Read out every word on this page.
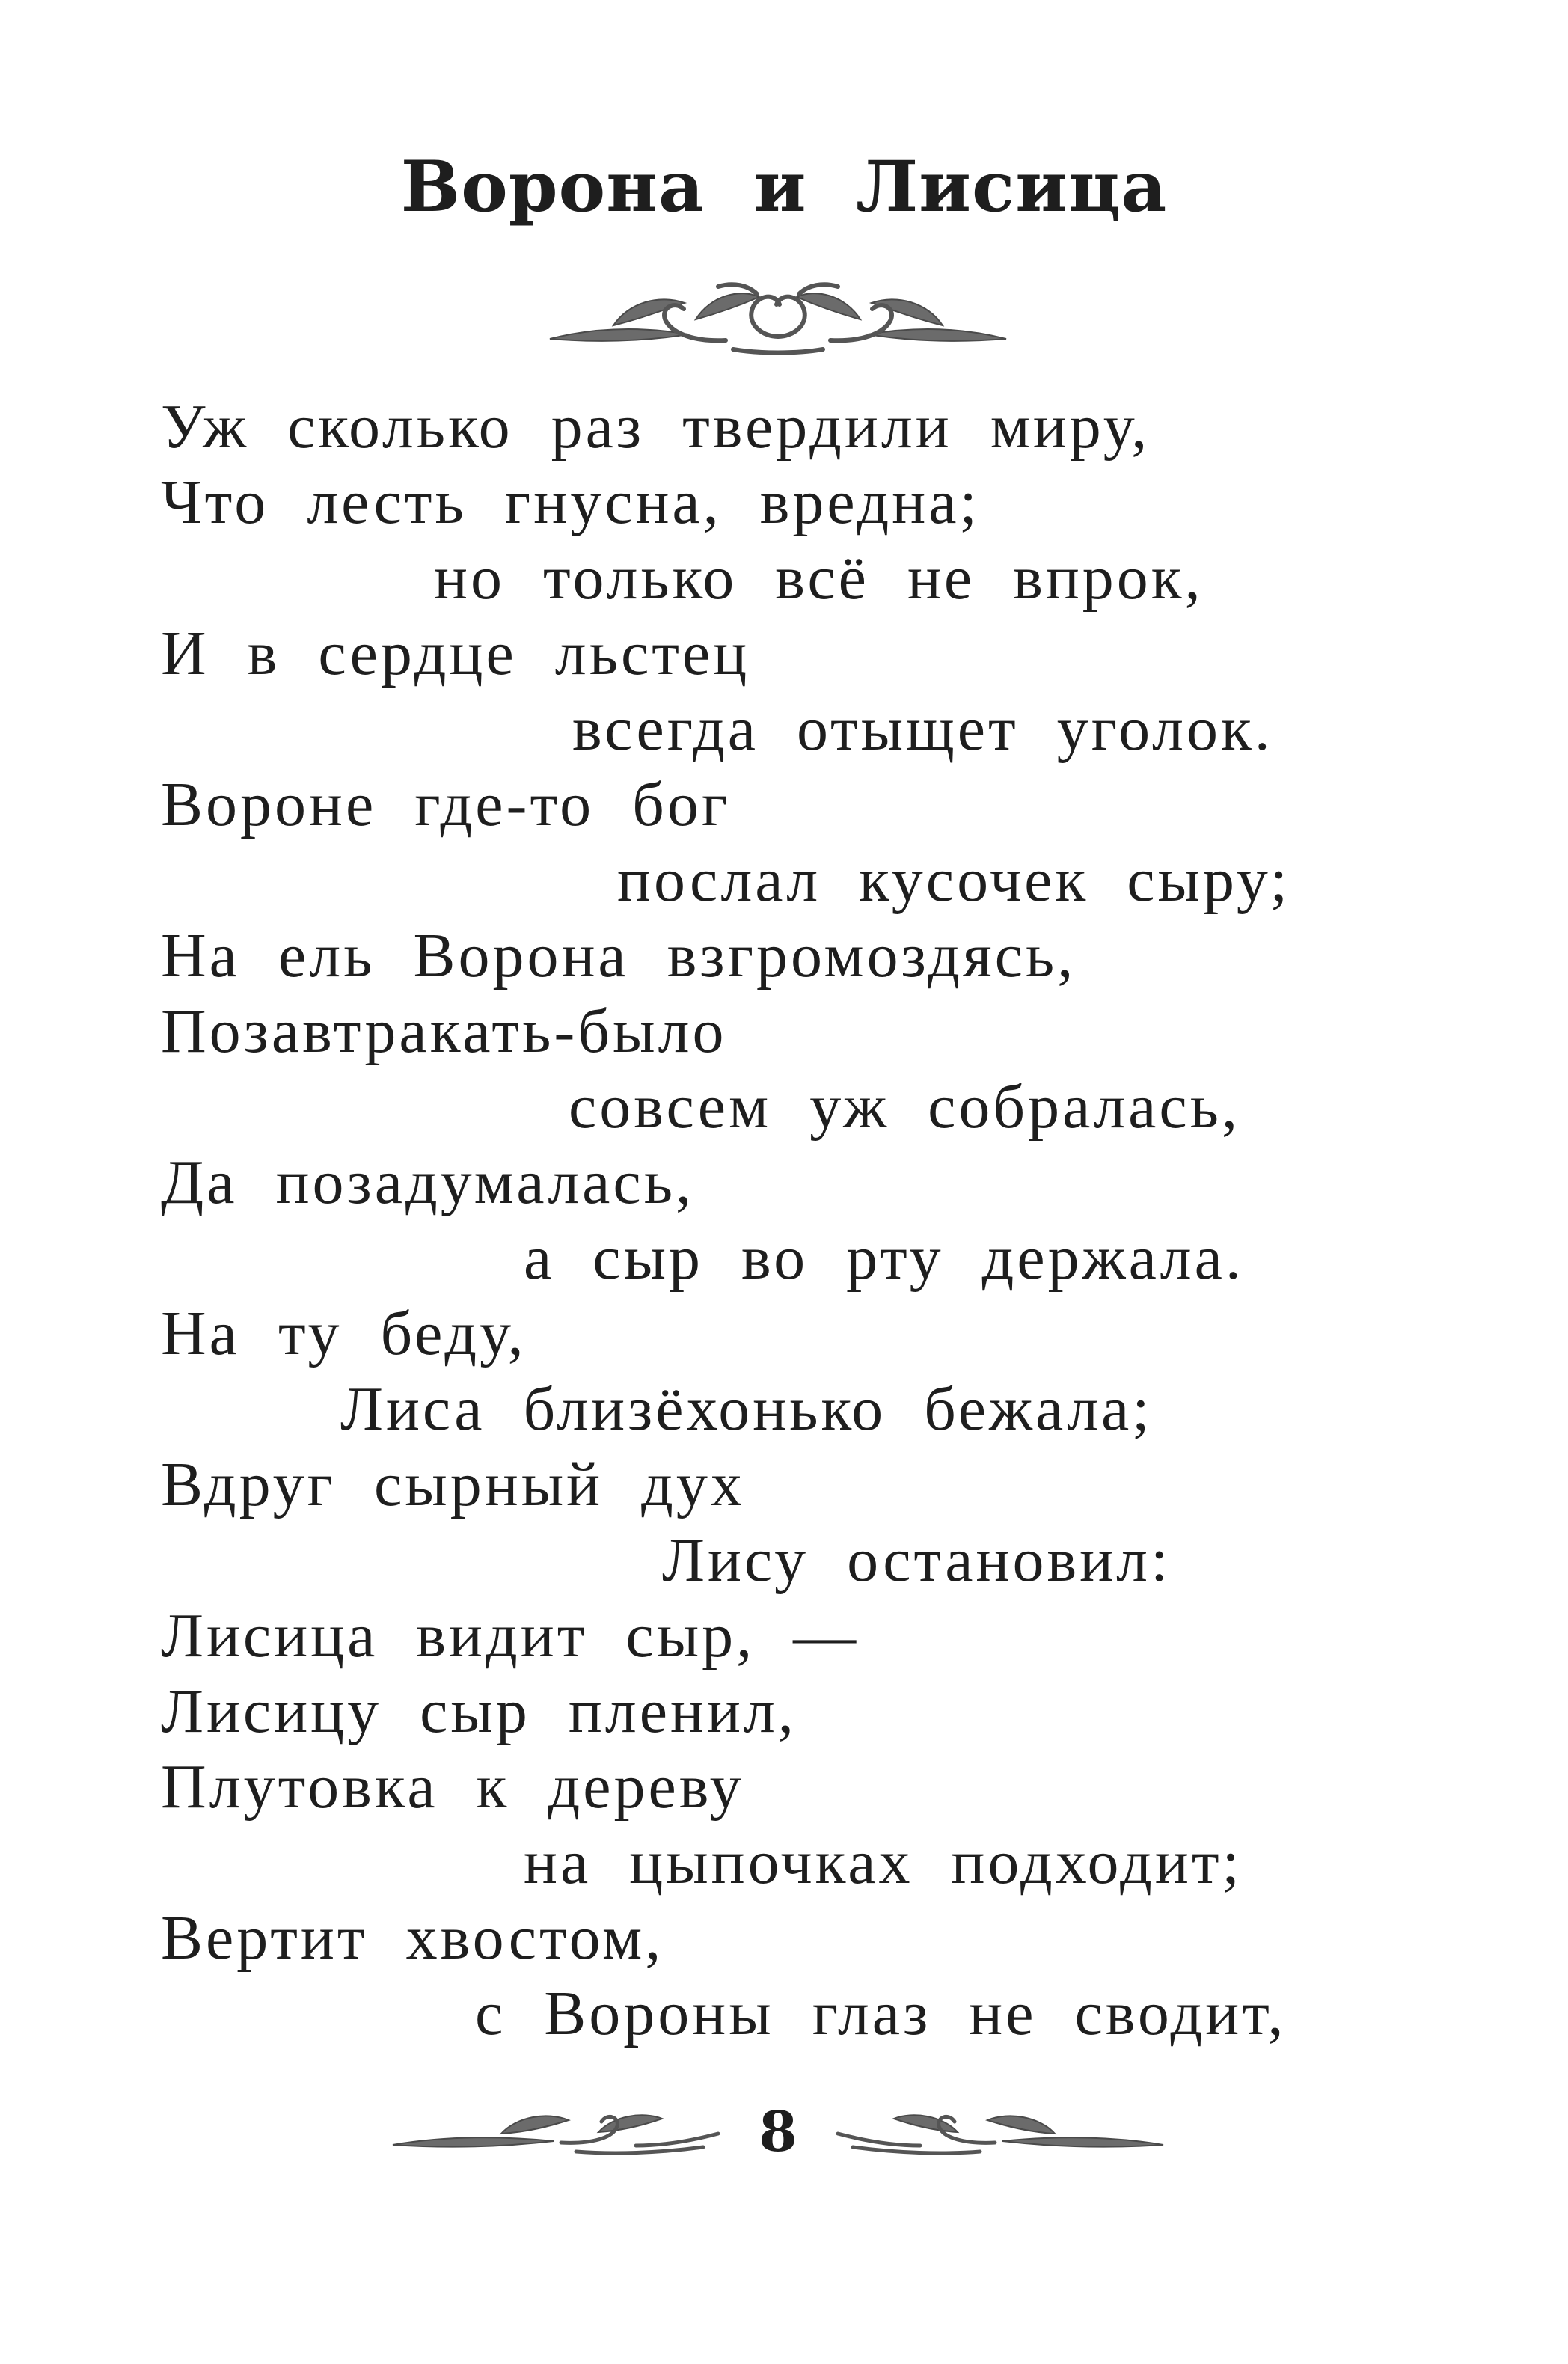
Ворона и Лисица
Уж сколько раз твердили миру,
Что лесть гнусна, вредна;
но только всё не впрок,
И в сердце льстец
всегда отыщет уголок.
Вороне где-то бог
послал кусочек сыру;
На ель Ворона взгромоздясь,
Позавтракать-было
совсем уж собралась,
Да позадумалась,
а сыр во рту держала.
На ту беду,
Лиса близёхонько бежала;
Вдруг сырный дух
Лису остановил:
Лисица видит сыр, —
Лисицу сыр пленил,
Плутовка к дереву
на цыпочках подходит;
Вертит хвостом,
с Вороны глаз не сводит,
8
